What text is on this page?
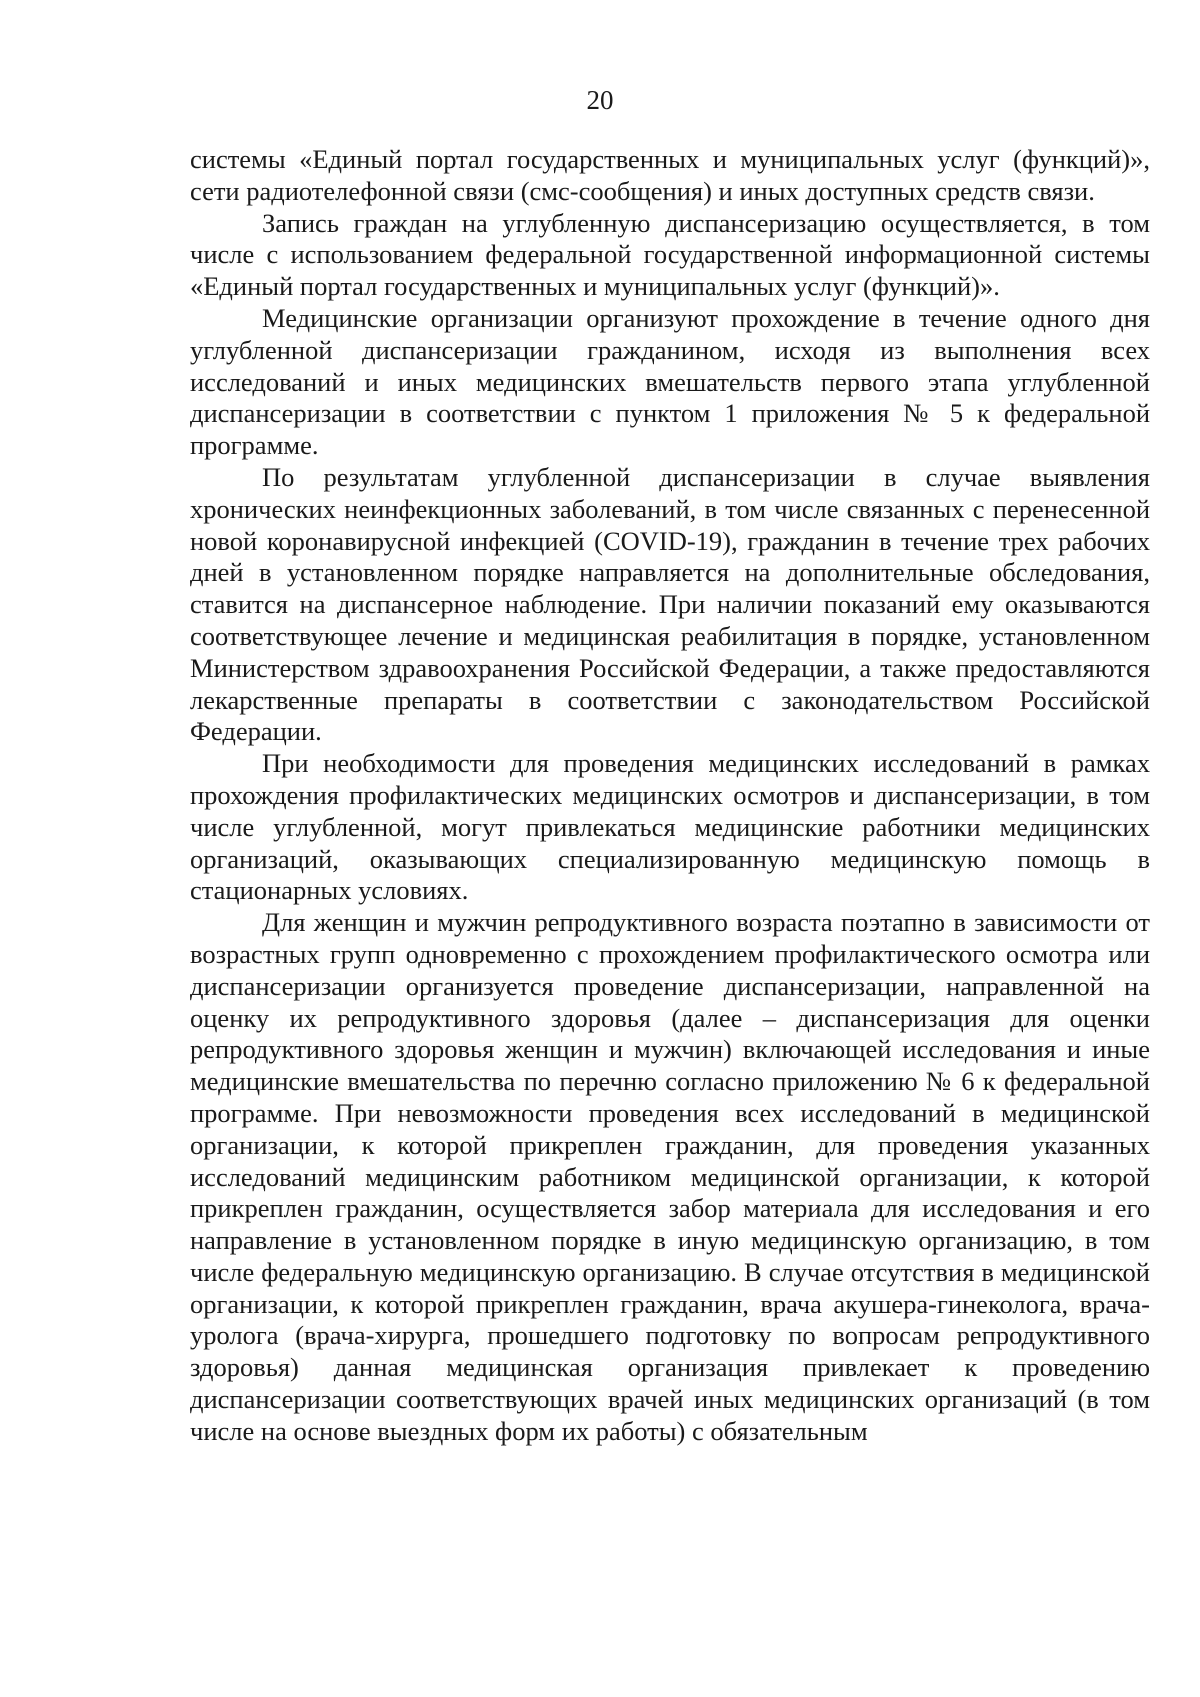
20

системы «Единый портал государственных и муниципальных услуг (функций)», сети радиотелефонной связи (смс-сообщения) и иных доступных средств связи.

Запись граждан на углубленную диспансеризацию осуществляется, в том числе с использованием федеральной государственной информационной системы «Единый портал государственных и муниципальных услуг (функций)».

Медицинские организации организуют прохождение в течение одного дня углубленной диспансеризации гражданином, исходя из выполнения всех исследований и иных медицинских вмешательств первого этапа углубленной диспансеризации в соответствии с пунктом 1 приложения № 5 к федеральной программе.

По результатам углубленной диспансеризации в случае выявления хронических неинфекционных заболеваний, в том числе связанных с перенесенной новой коронавирусной инфекцией (COVID-19), гражданин в течение трех рабочих дней в установленном порядке направляется на дополнительные обследования, ставится на диспансерное наблюдение. При наличии показаний ему оказываются соответствующее лечение и медицинская реабилитация в порядке, установленном Министерством здравоохранения Российской Федерации, а также предоставляются лекарственные препараты в соответствии с законодательством Российской Федерации.

При необходимости для проведения медицинских исследований в рамках прохождения профилактических медицинских осмотров и диспансеризации, в том числе углубленной, могут привлекаться медицинские работники медицинских организаций, оказывающих специализированную медицинскую помощь в стационарных условиях.

Для женщин и мужчин репродуктивного возраста поэтапно в зависимости от возрастных групп одновременно с прохождением профилактического осмотра или диспансеризации организуется проведение диспансеризации, направленной на оценку их репродуктивного здоровья (далее – диспансеризация для оценки репродуктивного здоровья женщин и мужчин) включающей исследования и иные медицинские вмешательства по перечню согласно приложению № 6 к федеральной программе. При невозможности проведения всех исследований в медицинской организации, к которой прикреплен гражданин, для проведения указанных исследований медицинским работником медицинской организации, к которой прикреплен гражданин, осуществляется забор материала для исследования и его направление в установленном порядке в иную медицинскую организацию, в том числе федеральную медицинскую организацию. В случае отсутствия в медицинской организации, к которой прикреплен гражданин, врача акушера-гинеколога, врача-уролога (врача-хирурга, прошедшего подготовку по вопросам репродуктивного здоровья) данная медицинская организация привлекает к проведению диспансеризации соответствующих врачей иных медицинских организаций (в том числе на основе выездных форм их работы) с обязательным
